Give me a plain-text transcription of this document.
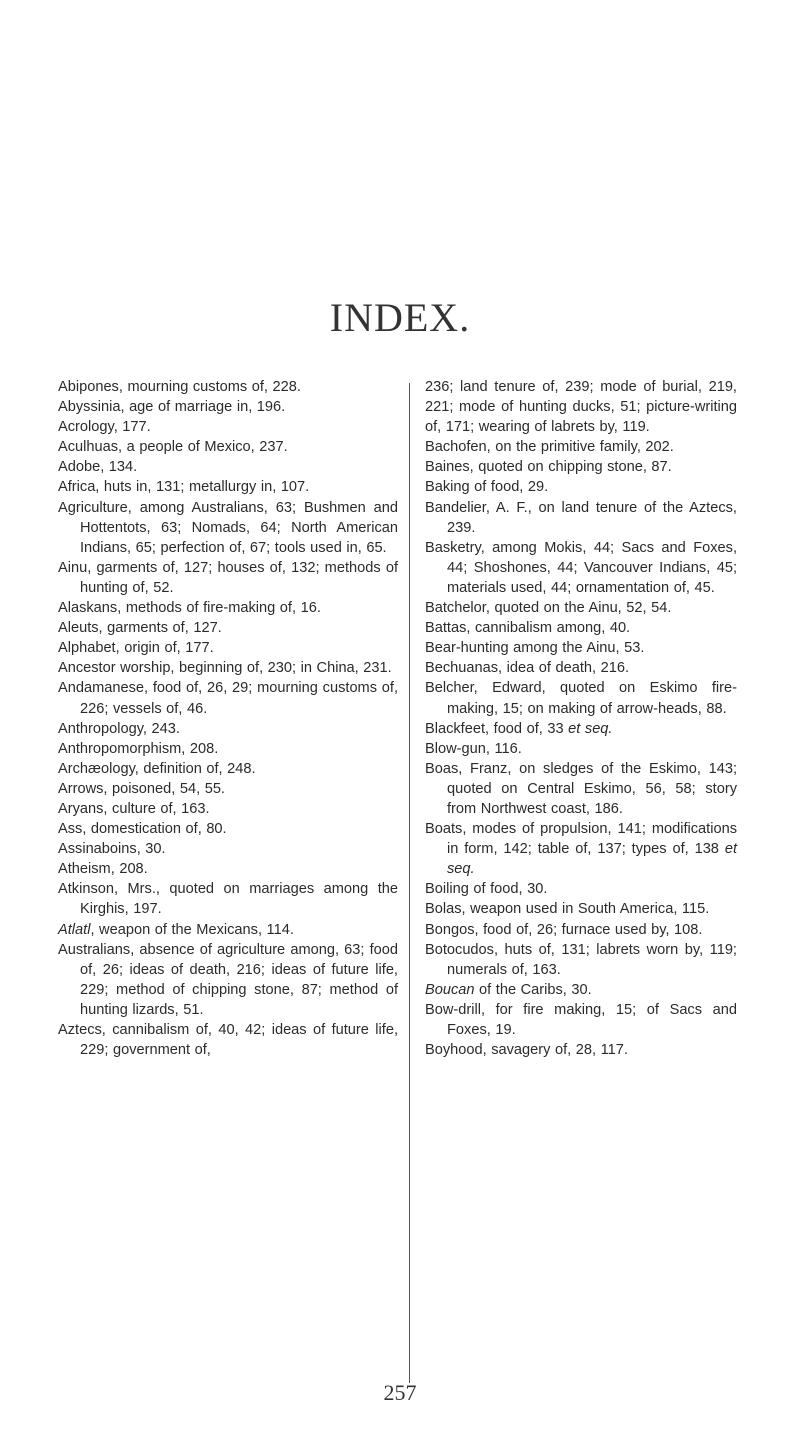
INDEX.

Abipones, mourning customs of, 228.

Abyssinia, age of marriage in, 196.

Acrology, 177.

Aculhuas, a people of Mexico, 237.

Adobe, 134.

Africa, huts in, 131; metallurgy in, 107.

Agriculture, among Australians, 63; Bushmen and Hottentots, 63; Nomads, 64; North American Indians, 65; perfection of, 67; tools used in, 65.

Ainu, garments of, 127; houses of, 132; methods of hunting of, 52.

Alaskans, methods of fire-making of, 16.

Aleuts, garments of, 127.

Alphabet, origin of, 177.

Ancestor worship, beginning of, 230; in China, 231.

Andamanese, food of, 26, 29; mourning customs of, 226; vessels of, 46.

Anthropology, 243.

Anthropomorphism, 208.

Archæology, definition of, 248.

Arrows, poisoned, 54, 55.

Aryans, culture of, 163.

Ass, domestication of, 80.

Assinaboins, 30.

Atheism, 208.

Atkinson, Mrs., quoted on marriages among the Kirghis, 197.

Atlatl, weapon of the Mexicans, 114.

Australians, absence of agriculture among, 63; food of, 26; ideas of death, 216; ideas of future life, 229; method of chipping stone, 87; method of hunting lizards, 51.

Aztecs, cannibalism of, 40, 42; ideas of future life, 229; government of,

236; land tenure of, 239; mode of burial, 219, 221; mode of hunting ducks, 51; picture-writing of, 171; wearing of labrets by, 119.

Bachofen, on the primitive family, 202.

Baines, quoted on chipping stone, 87.

Baking of food, 29.

Bandelier, A. F., on land tenure of the Aztecs, 239.

Basketry, among Mokis, 44; Sacs and Foxes, 44; Shoshones, 44; Vancouver Indians, 45; materials used, 44; ornamentation of, 45.

Batchelor, quoted on the Ainu, 52, 54.

Battas, cannibalism among, 40.

Bear-hunting among the Ainu, 53.

Bechuanas, idea of death, 216.

Belcher, Edward, quoted on Eskimo fire-making, 15; on making of arrow-heads, 88.

Blackfeet, food of, 33 et seq.

Blow-gun, 116.

Boas, Franz, on sledges of the Eskimo, 143; quoted on Central Eskimo, 56, 58; story from Northwest coast, 186.

Boats, modes of propulsion, 141; modifications in form, 142; table of, 137; types of, 138 et seq.

Boiling of food, 30.

Bolas, weapon used in South America, 115.

Bongos, food of, 26; furnace used by, 108.

Botocudos, huts of, 131; labrets worn by, 119; numerals of, 163.

Boucan of the Caribs, 30.

Bow-drill, for fire making, 15; of Sacs and Foxes, 19.

Boyhood, savagery of, 28, 117.

257
